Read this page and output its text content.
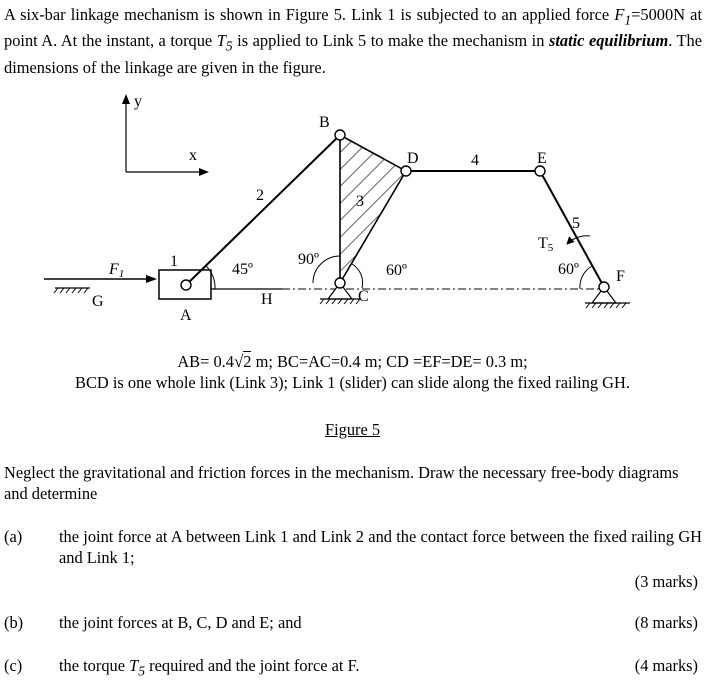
A six-bar linkage mechanism is shown in Figure 5. Link 1 is subjected to an applied force $F_1=5000N$ at point A. At the instant, a torque $T_5$ is applied to Link 5 to make the mechanism in static equilibrium. The dimensions of the linkage are given in the figure.
y
x
G
F1
1
A
H
3
2
4
5
45º
90º
60º	60º
T5
C
F
B
D	E
AB= 0.4√2 m; BC=AC=0.4 m; CD =EF=DE= 0.3 m;
BCD is one whole link (Link 3); Link 1 (slider) can slide along the fixed railing GH.
Figure 5
Neglect the gravitational and friction forces in the mechanism. Draw the necessary free-body diagrams and determine
(a) the joint force at A between Link 1 and Link 2 and the contact force between the fixed railing GH and Link 1;
(3 marks)
(b) the joint forces at B, C, D and E; and	(8 marks)
(c) the torque $T_5$ required and the joint force at F.	(4 marks)
